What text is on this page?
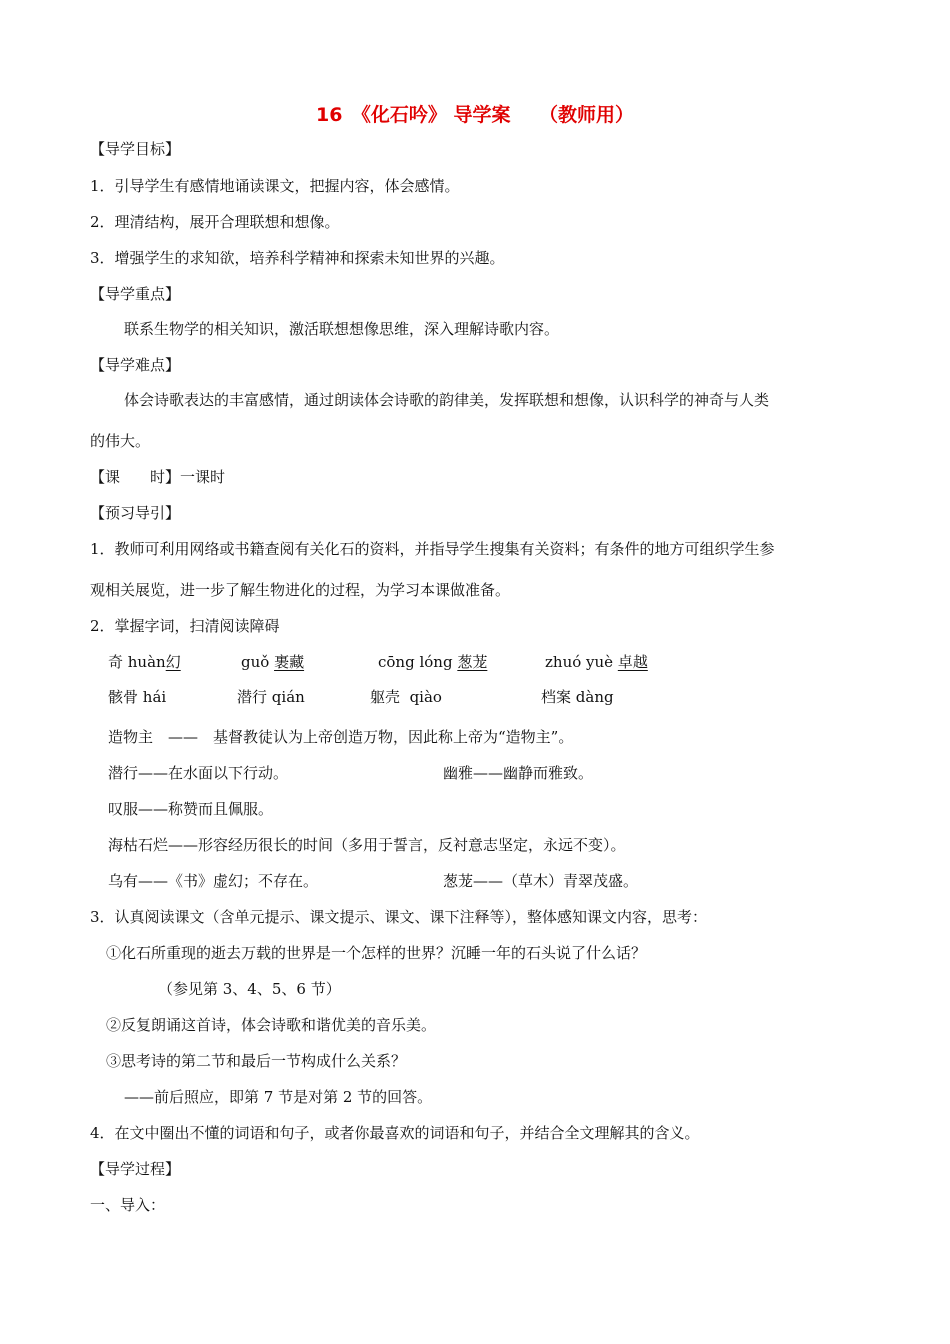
16　《化石吟》 导学案　　（教师用）
【导学目标】
1．引导学生有感情地诵读课文，把握内容，体会感情。
2．理清结构，展开合理联想和想像。
3．增强学生的求知欲，培养科学精神和探索未知世界的兴趣。
【导学重点】
联系生物学的相关知识，激活联想想像思维，深入理解诗歌内容。
【导学难点】
体会诗歌表达的丰富感情，通过朗读体会诗歌的韵律美，发挥联想和想像，认识科学的神奇与人类
的伟大。
【课　　时】一课时
【预习导引】
1．教师可利用网络或书籍查阅有关化石的资料，并指导学生搜集有关资料；有条件的地方可组织学生参
观相关展览，进一步了解生物进化的过程，为学习本课做准备。
2．掌握字词，扫清阅读障碍
奇 huàn幻	guǒ 裹藏	cōng lóng 葱茏	zhuó yuè 卓越
骸骨 hái	潜行 qián	躯壳 qiào	档案 dàng
造物主　——　基督教徒认为上帝创造万物，因此称上帝为“造物主”。
潜行——在水面以下行动。	幽雅——幽静而雅致。
叹服——称赞而且佩服。
海枯石烂——形容经历很长的时间（多用于誓言，反衬意志坚定，永远不变）。
乌有——《书》虚幻；不存在。	葱茏——（草木）青翠茂盛。
3．认真阅读课文（含单元提示、课文提示、课文、课下注释等），整体感知课文内容，思考：
①化石所重现的逝去万载的世界是一个怎样的世界？沉睡一年的石头说了什么话？
（参见第 3、4、5、6 节）
②反复朗诵这首诗，体会诗歌和谐优美的音乐美。
③思考诗的第二节和最后一节构成什么关系？
——前后照应，即第 7 节是对第 2 节的回答。
4．在文中圈出不懂的词语和句子，或者你最喜欢的词语和句子，并结合全文理解其的含义。
【导学过程】
一、导入：
